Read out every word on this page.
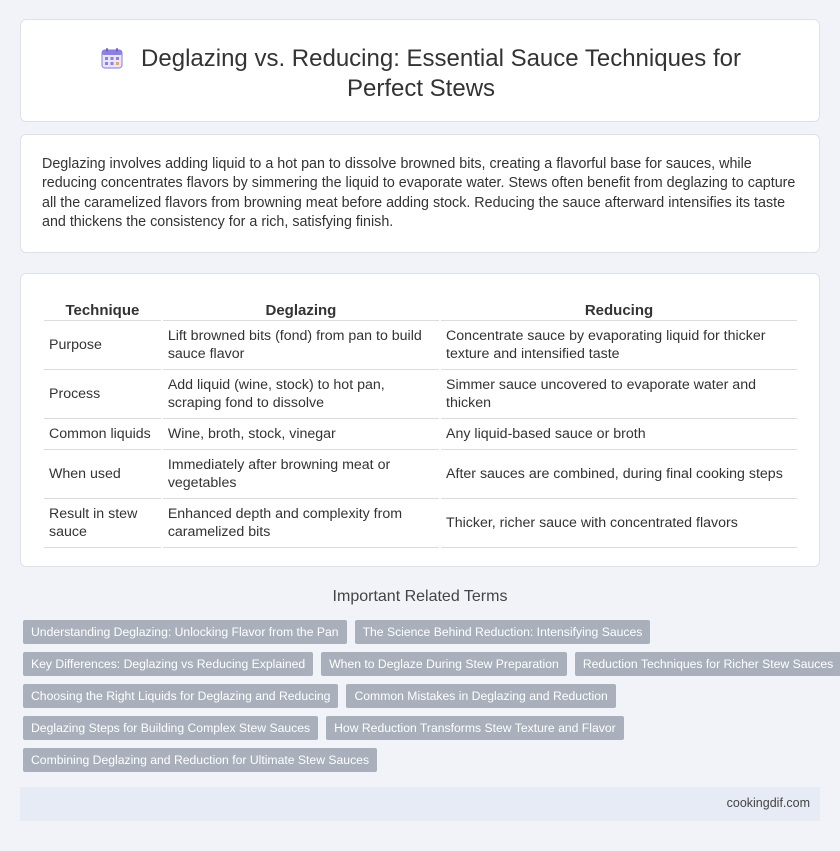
Deglazing vs. Reducing: Essential Sauce Techniques for Perfect Stews

Deglazing involves adding liquid to a hot pan to dissolve browned bits, creating a flavorful base for sauces, while reducing concentrates flavors by simmering the liquid to evaporate water. Stews often benefit from deglazing to capture all the caramelized flavors from browning meat before adding stock. Reducing the sauce afterward intensifies its taste and thickens the consistency for a rich, satisfying finish.

Technique	Deglazing	Reducing
Purpose	Lift browned bits (fond) from pan to build sauce flavor	Concentrate sauce by evaporating liquid for thicker texture and intensified taste
Process	Add liquid (wine, stock) to hot pan, scraping fond to dissolve	Simmer sauce uncovered to evaporate water and thicken
Common liquids	Wine, broth, stock, vinegar	Any liquid-based sauce or broth
When used	Immediately after browning meat or vegetables	After sauces are combined, during final cooking steps
Result in stew sauce	Enhanced depth and complexity from caramelized bits	Thicker, richer sauce with concentrated flavors
Important Related Terms
Understanding Deglazing: Unlocking Flavor from the Pan	The Science Behind Reduction: Intensifying Sauces
Key Differences: Deglazing vs Reducing Explained	When to Deglaze During Stew Preparation	Reduction Techniques for Richer Stew Sauces
Choosing the Right Liquids for Deglazing and Reducing	Common Mistakes in Deglazing and Reduction
Deglazing Steps for Building Complex Stew Sauces	How Reduction Transforms Stew Texture and Flavor
Combining Deglazing and Reduction for Ultimate Stew Sauces
cookingdif.com
